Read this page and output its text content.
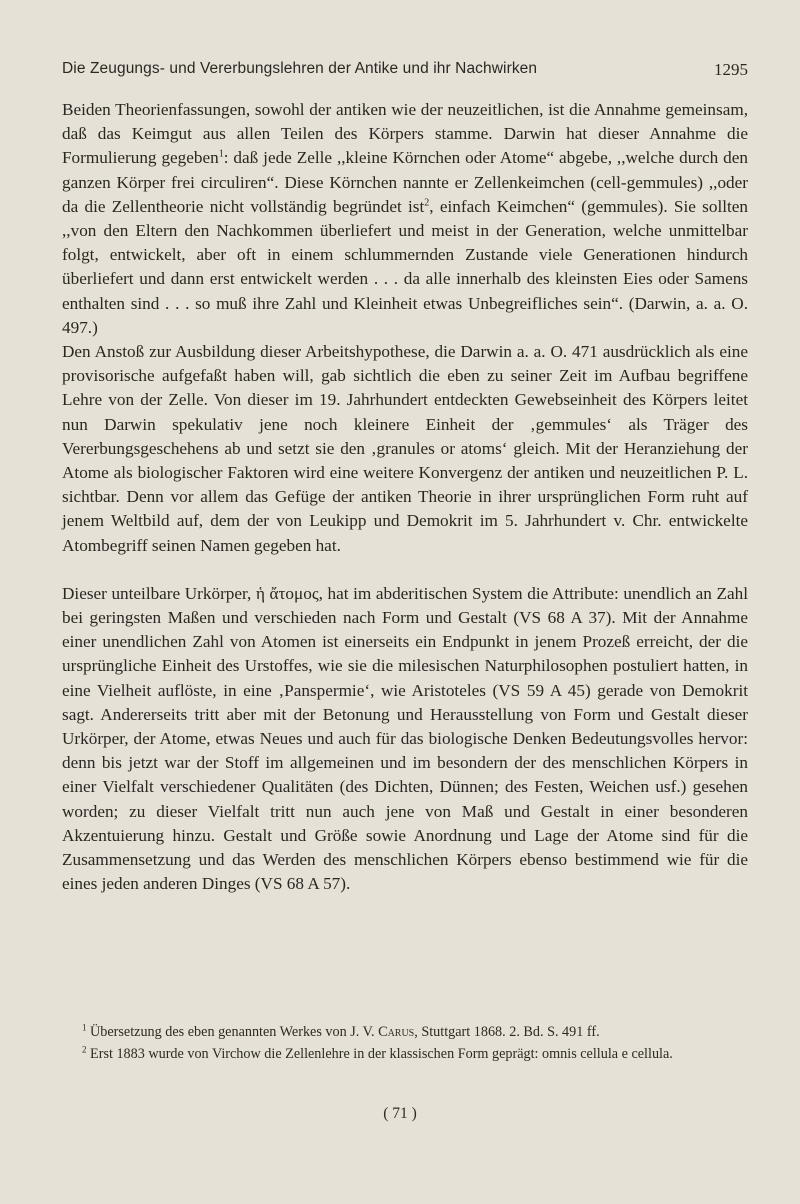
Die Zeugungs- und Vererbungslehren der Antike und ihr Nachwirken	1295

Beiden Theorienfassungen, sowohl der antiken wie der neuzeitlichen, ist die Annahme gemeinsam, daß das Keimgut aus allen Teilen des Körpers stamme. Darwin hat dieser Annahme die Formulierung gegeben$^1$: daß jede Zelle ,,kleine Körnchen oder Atome“ abgebe, ,,welche durch den ganzen Körper frei circuliren“. Diese Körnchen nannte er Zellenkeimchen (cell-gemmules) ,,oder da die Zellentheorie nicht vollständig begründet ist$^2$, einfach Keimchen“ (gemmules). Sie sollten ,,von den Eltern den Nachkommen überliefert und meist in der Generation, welche unmittelbar folgt, entwickelt, aber oft in einem schlummernden Zustande viele Generationen hindurch überliefert und dann erst entwickelt werden . . . da alle innerhalb des kleinsten Eies oder Samens enthalten sind . . . so muß ihre Zahl und Kleinheit etwas Unbegreifliches sein“. (Darwin, a. a. O. 497.)

Den Anstoß zur Ausbildung dieser Arbeitshypothese, die Darwin a. a. O. 471 ausdrücklich als eine provisorische aufgefaßt haben will, gab sichtlich die eben zu seiner Zeit im Aufbau begriffene Lehre von der Zelle. Von dieser im 19. Jahrhundert entdeckten Gewebseinheit des Körpers leitet nun Darwin spekulativ jene noch kleinere Einheit der ‚gemmules‘ als Träger des Vererbungsgeschehens ab und setzt sie den ‚granules or atoms‘ gleich. Mit der Heranziehung der Atome als biologischer Faktoren wird eine weitere Konvergenz der antiken und neuzeitlichen P. L. sichtbar. Denn vor allem das Gefüge der antiken Theorie in ihrer ursprünglichen Form ruht auf jenem Weltbild auf, dem der von Leukipp und Demokrit im 5. Jahrhundert v. Chr. entwickelte Atombegriff seinen Namen gegeben hat.

Dieser unteilbare Urkörper, ἡ ἄτομος, hat im abderitischen System die Attribute: unendlich an Zahl bei geringsten Maßen und verschieden nach Form und Gestalt (VS 68 A 37). Mit der Annahme einer unendlichen Zahl von Atomen ist einerseits ein Endpunkt in jenem Prozeß erreicht, der die ursprüngliche Einheit des Urstoffes, wie sie die milesischen Naturphilosophen postuliert hatten, in eine Vielheit auflöste, in eine ‚Panspermie‘, wie Aristoteles (VS 59 A 45) gerade von Demokrit sagt. Andererseits tritt aber mit der Betonung und Herausstellung von Form und Gestalt dieser Urkörper, der Atome, etwas Neues und auch für das biologische Denken Bedeutungsvolles hervor: denn bis jetzt war der Stoff im allgemeinen und im besondern der des menschlichen Körpers in einer Vielfalt verschiedener Qualitäten (des Dichten, Dünnen; des Festen, Weichen usf.) gesehen worden; zu dieser Vielfalt tritt nun auch jene von Maß und Gestalt in einer besonderen Akzentuierung hinzu. Gestalt und Größe sowie Anordnung und Lage der Atome sind für die Zusammensetzung und das Werden des menschlichen Körpers ebenso bestimmend wie für die eines jeden anderen Dinges (VS 68 A 57).

$^1$ Übersetzung des eben genannten Werkes von J. V. Carus, Stuttgart 1868. 2. Bd. S. 491 ff.

$^2$ Erst 1883 wurde von Virchow die Zellenlehre in der klassischen Form geprägt: omnis cellula e cellula.

( 71 )
